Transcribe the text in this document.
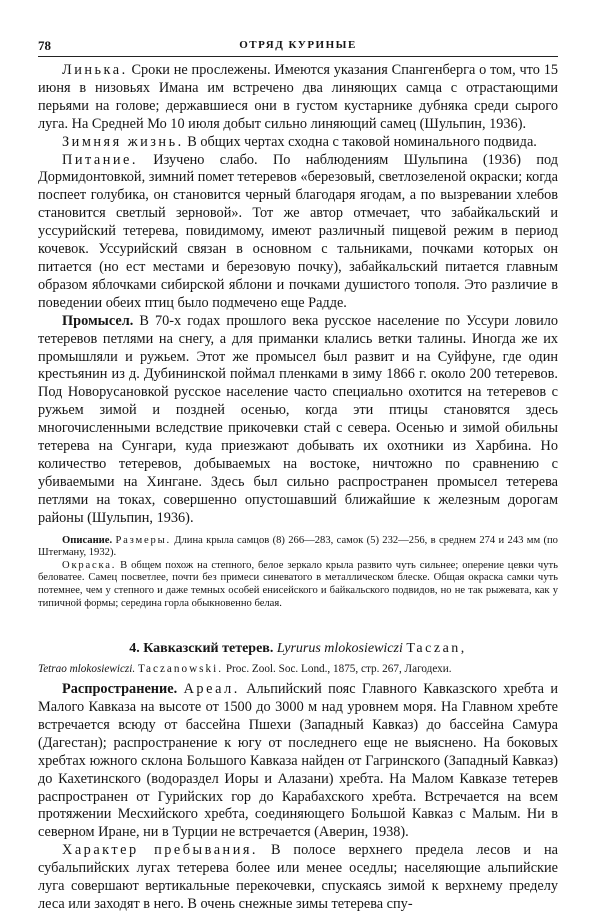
78	ОТРЯД КУРИНЫЕ

Линька. Сроки не прослежены. Имеются указания Спангенберга о том, что 15 июня в низовьях Имана им встречено два линяющих самца с отрастающими перьями на голове; державшиеся они в густом кустарнике дубняка среди сырого луга. На Средней Мо 10 июля добыт сильно линяющий самец (Шульпин, 1936).

Зимняя жизнь. В общих чертах сходна с таковой номинального подвида.

Питание. Изучено слабо. По наблюдениям Шульпина (1936) под Дормидонтовкой, зимний помет тетеревов «березовый, светлозеленой окраски; когда поспеет голубика, он становится черный благодаря ягодам, а по вызревании хлебов становится светлый зерновой». Тот же автор отмечает, что забайкальский и уссурийский тетерева, повидимому, имеют различный пищевой режим в период кочевок. Уссурийский связан в основном с тальниками, почками которых он питается (но ест местами и березовую почку), забайкальский питается главным образом яблочками сибирской яблони и почками душистого тополя. Это различие в поведении обеих птиц было подмечено еще Радде.

Промысел. В 70-х годах прошлого века русское население по Уссури ловило тетеревов петлями на снегу, а для приманки клались ветки талины. Иногда же их промышляли и ружьем. Этот же промысел был развит и на Суйфуне, где один крестьянин из д. Дубининской поймал пленками в зиму 1866 г. около 200 тетеревов. Под Новорусановкой русское население часто специально охотится на тетеревов с ружьем зимой и поздней осенью, когда эти птицы становятся здесь многочисленными вследствие прикочевки стай с севера. Осенью и зимой обильны тетерева на Сунгари, куда приезжают добывать их охотники из Харбина. Но количество тетеревов, добываемых на востоке, ничтожно по сравнению с убиваемыми на Хингане. Здесь был сильно распространен промысел тетерева петлями на токах, совершенно опустошавший ближайшие к железным дорогам районы (Шульпин, 1936).

Описание. Размеры. Длина крыла самцов (8) 266—283, самок (5) 232—256, в среднем 274 и 243 мм (по Штегману, 1932).

Окраска. В общем похож на степного, белое зеркало крыла развито чуть сильнее; оперение цевки чуть беловатее. Самец посветлее, почти без примеси синеватого в металлическом блеске. Общая окраска самки чуть потемнее, чем у степного и даже темных особей енисейского и байкальского подвидов, но не так рыжевата, как у типичной формы; середина горла обыкновенно белая.

4. Кавказский тетерев. Lyrurus mlokosiewiczi Taczan,

Tetrao mlokosiewiczi. Taczanowski. Proc. Zool. Soc. Lond., 1875, стр. 267, Лагодехи.

Распространение. Ареал. Альпийский пояс Главного Кавказского хребта и Малого Кавказа на высоте от 1500 до 3000 м над уровнем моря. На Главном хребте встречается всюду от бассейна Пшехи (Западный Кавказ) до бассейна Самура (Дагестан); распространение к югу от последнего еще не выяснено. На боковых хребтах южного склона Большого Кавказа найден от Гагринского (Западный Кавказ) до Кахетинского (водораздел Иоры и Алазани) хребта. На Малом Кавказе тетерев распространен от Гурийских гор до Карабахского хребта. Встречается на всем протяжении Месхийского хребта, соединяющего Большой Кавказ с Малым. Ни в северном Иране, ни в Турции не встречается (Аверин, 1938).

Характер пребывания. В полосе верхнего предела лесов и на субальпийских лугах тетерева более или менее оседлы; населяющие альпийские луга совершают вертикальные перекочевки, спускаясь зимой к верхнему пределу леса или заходят в него. В очень снежные зимы тетерева спу-
